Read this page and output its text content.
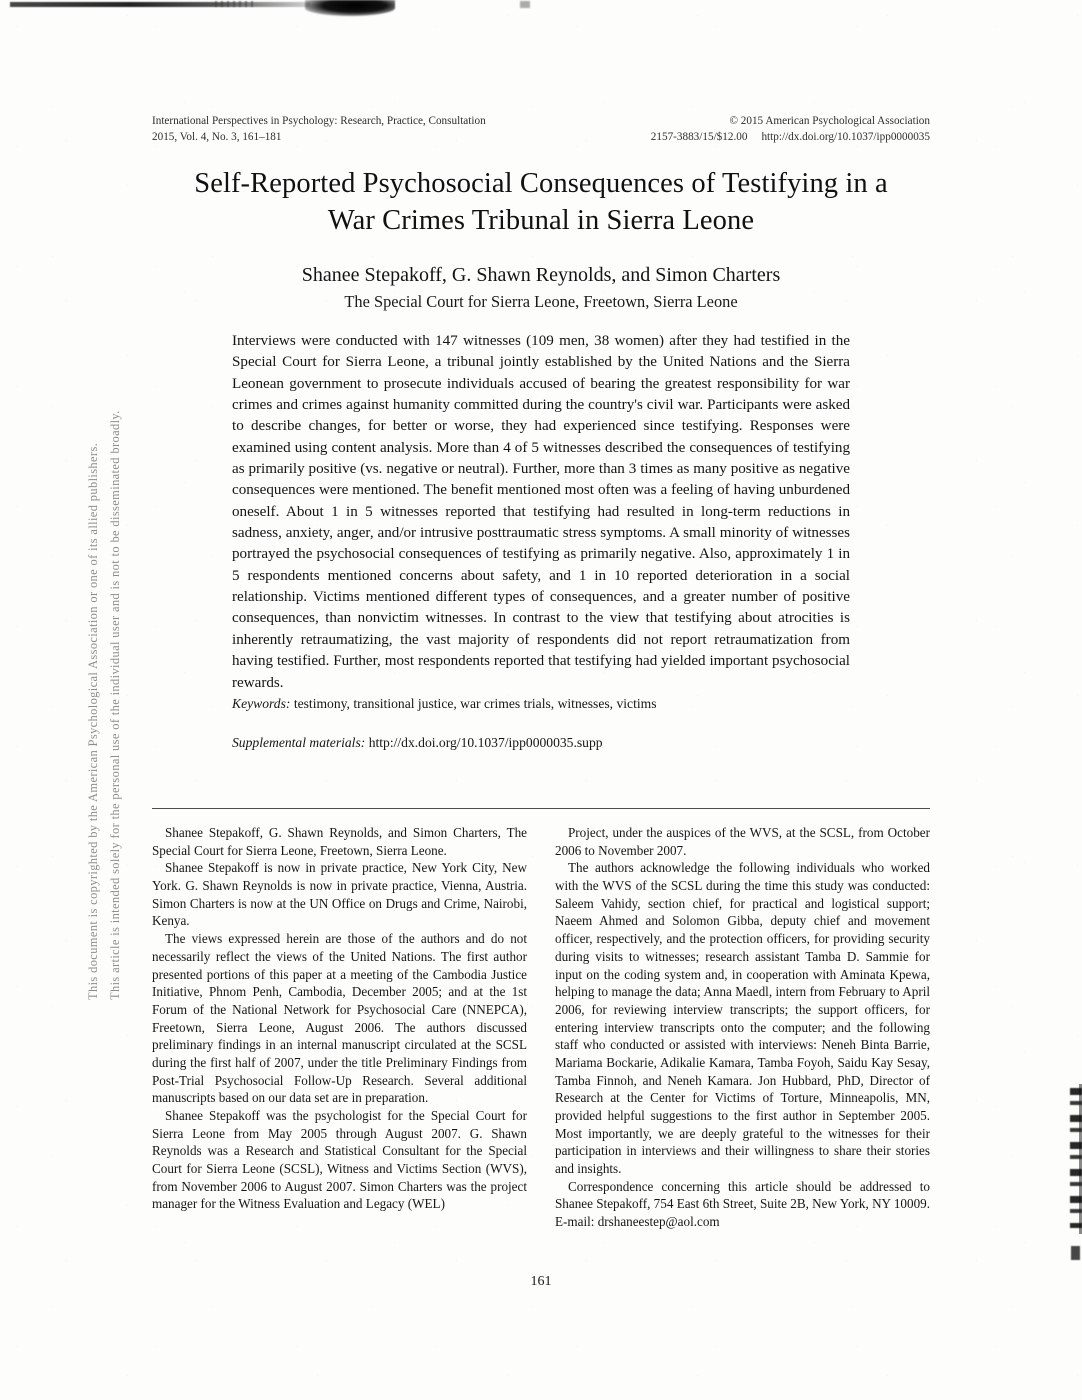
This document is copyrighted by the American Psychological Association or one of its allied publishers. This article is intended solely for the personal use of the individual user and is not to be disseminated broadly.
International Perspectives in Psychology: Research, Practice, Consultation
2015, Vol. 4, No. 3, 161–181
© 2015 American Psychological Association
2157-3883/15/$12.00 http://dx.doi.org/10.1037/ipp0000035
Self-Reported Psychosocial Consequences of Testifying in a
War Crimes Tribunal in Sierra Leone
Shanee Stepakoff, G. Shawn Reynolds, and Simon Charters
The Special Court for Sierra Leone, Freetown, Sierra Leone
Interviews were conducted with 147 witnesses (109 men, 38 women) after they had testified in the Special Court for Sierra Leone, a tribunal jointly established by the United Nations and the Sierra Leonean government to prosecute individuals accused of bearing the greatest responsibility for war crimes and crimes against humanity committed during the country's civil war. Participants were asked to describe changes, for better or worse, they had experienced since testifying. Responses were examined using content analysis. More than 4 of 5 witnesses described the consequences of testifying as primarily positive (vs. negative or neutral). Further, more than 3 times as many positive as negative consequences were mentioned. The benefit mentioned most often was a feeling of having unburdened oneself. About 1 in 5 witnesses reported that testifying had resulted in long-term reductions in sadness, anxiety, anger, and/or intrusive posttraumatic stress symptoms. A small minority of witnesses portrayed the psychosocial consequences of testifying as primarily negative. Also, approximately 1 in 5 respondents mentioned concerns about safety, and 1 in 10 reported deterioration in a social relationship. Victims mentioned different types of consequences, and a greater number of positive consequences, than nonvictim witnesses. In contrast to the view that testifying about atrocities is inherently retraumatizing, the vast majority of respondents did not report retraumatization from having testified. Further, most respondents reported that testifying had yielded important psychosocial rewards.
Keywords: testimony, transitional justice, war crimes trials, witnesses, victims
Supplemental materials: http://dx.doi.org/10.1037/ipp0000035.supp

Shanee Stepakoff, G. Shawn Reynolds, and Simon Charters, The Special Court for Sierra Leone, Freetown, Sierra Leone.

Shanee Stepakoff is now in private practice, New York City, New York. G. Shawn Reynolds is now in private practice, Vienna, Austria. Simon Charters is now at the UN Office on Drugs and Crime, Nairobi, Kenya.

The views expressed herein are those of the authors and do not necessarily reflect the views of the United Nations. The first author presented portions of this paper at a meeting of the Cambodia Justice Initiative, Phnom Penh, Cambodia, December 2005; and at the 1st Forum of the National Network for Psychosocial Care (NNEPCA), Freetown, Sierra Leone, August 2006. The authors discussed preliminary findings in an internal manuscript circulated at the SCSL during the first half of 2007, under the title Preliminary Findings from Post-Trial Psychosocial Follow-Up Research. Several additional manuscripts based on our data set are in preparation.

Shanee Stepakoff was the psychologist for the Special Court for Sierra Leone from May 2005 through August 2007. G. Shawn Reynolds was a Research and Statistical Consultant for the Special Court for Sierra Leone (SCSL), Witness and Victims Section (WVS), from November 2006 to August 2007. Simon Charters was the project manager for the Witness Evaluation and Legacy (WEL)

Project, under the auspices of the WVS, at the SCSL, from October 2006 to November 2007.

The authors acknowledge the following individuals who worked with the WVS of the SCSL during the time this study was conducted: Saleem Vahidy, section chief, for practical and logistical support; Naeem Ahmed and Solomon Gibba, deputy chief and movement officer, respectively, and the protection officers, for providing security during visits to witnesses; research assistant Tamba D. Sammie for input on the coding system and, in cooperation with Aminata Kpewa, helping to manage the data; Anna Maedl, intern from February to April 2006, for reviewing interview transcripts; the support officers, for entering interview transcripts onto the computer; and the following staff who conducted or assisted with interviews: Neneh Binta Barrie, Mariama Bockarie, Adikalie Kamara, Tamba Foyoh, Saidu Kay Sesay, Tamba Finnoh, and Neneh Kamara. Jon Hubbard, PhD, Director of Research at the Center for Victims of Torture, Minneapolis, MN, provided helpful suggestions to the first author in September 2005. Most importantly, we are deeply grateful to the witnesses for their participation in interviews and their willingness to share their stories and insights.

Correspondence concerning this article should be addressed to Shanee Stepakoff, 754 East 6th Street, Suite 2B, New York, NY 10009. E-mail: drshaneestep@aol.com

161
